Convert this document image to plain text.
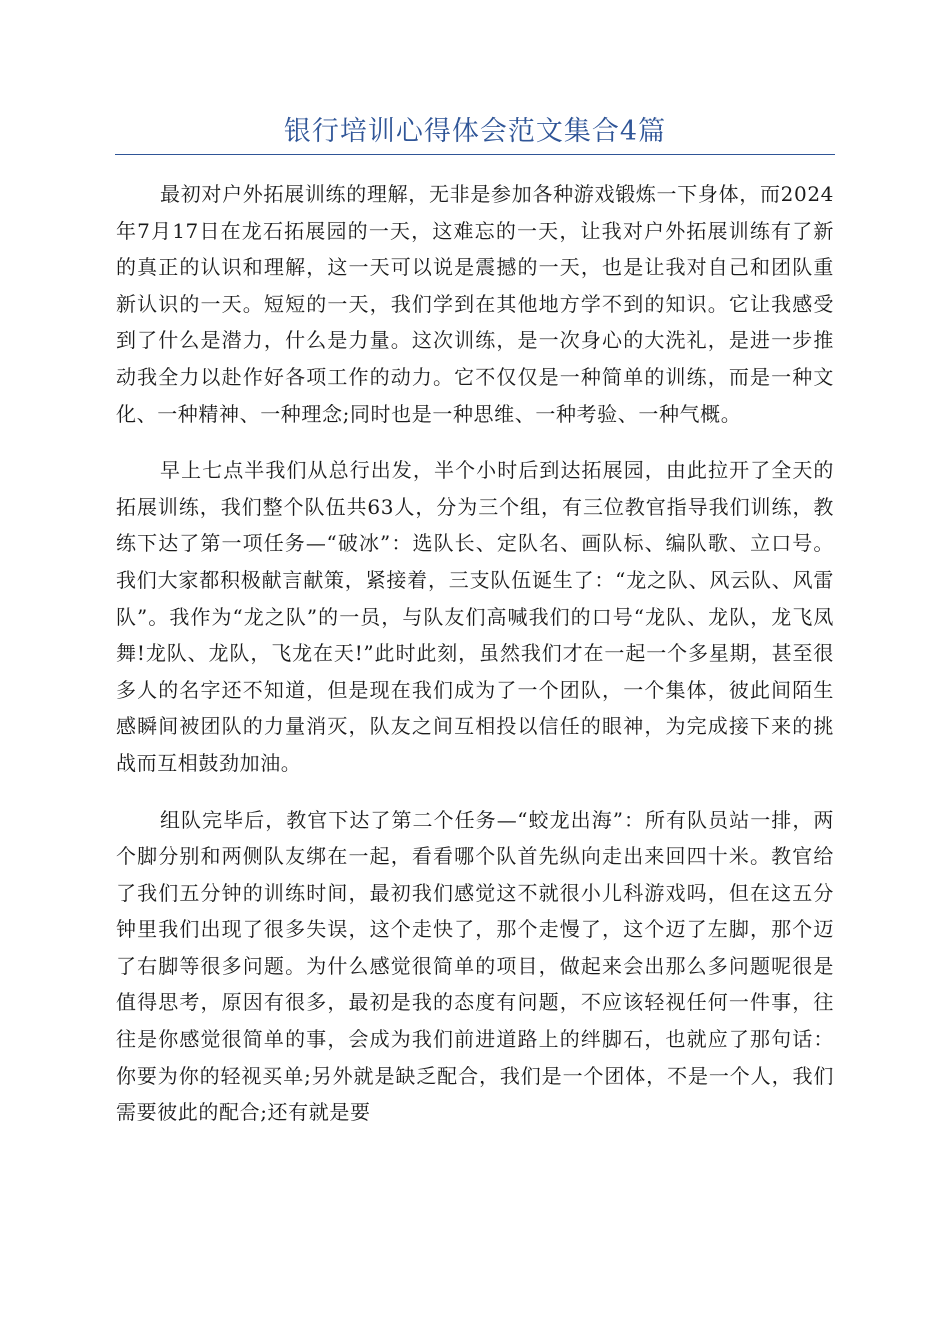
银行培训心得体会范文集合4篇

最初对户外拓展训练的理解，无非是参加各种游戏锻炼一下身体，而2024年7月17日在龙石拓展园的一天，这难忘的一天，让我对户外拓展训练有了新的真正的认识和理解，这一天可以说是震撼的一天，也是让我对自己和团队重新认识的一天。短短的一天，我们学到在其他地方学不到的知识。它让我感受到了什么是潜力，什么是力量。这次训练，是一次身心的大洗礼，是进一步推动我全力以赴作好各项工作的动力。它不仅仅是一种简单的训练，而是一种文化、一种精神、一种理念;同时也是一种思维、一种考验、一种气概。

早上七点半我们从总行出发，半个小时后到达拓展园，由此拉开了全天的拓展训练，我们整个队伍共63人，分为三个组，有三位教官指导我们训练，教练下达了第一项任务—“破冰”：选队长、定队名、画队标、编队歌、立口号。我们大家都积极献言献策，紧接着，三支队伍诞生了：“龙之队、风云队、风雷队”。我作为“龙之队”的一员，与队友们高喊我们的口号“龙队、龙队，龙飞凤舞!龙队、龙队，飞龙在天!”此时此刻，虽然我们才在一起一个多星期，甚至很多人的名字还不知道，但是现在我们成为了一个团队，一个集体，彼此间陌生感瞬间被团队的力量消灭，队友之间互相投以信任的眼神，为完成接下来的挑战而互相鼓劲加油。

组队完毕后，教官下达了第二个任务—“蛟龙出海”：所有队员站一排，两个脚分别和两侧队友绑在一起，看看哪个队首先纵向走出来回四十米。教官给了我们五分钟的训练时间，最初我们感觉这不就很小儿科游戏吗，但在这五分钟里我们出现了很多失误，这个走快了，那个走慢了，这个迈了左脚，那个迈了右脚等很多问题。为什么感觉很简单的项目，做起来会出那么多问题呢很是值得思考，原因有很多，最初是我的态度有问题，不应该轻视任何一件事，往往是你感觉很简单的事，会成为我们前进道路上的绊脚石，也就应了那句话：你要为你的轻视买单;另外就是缺乏配合，我们是一个团体，不是一个人，我们需要彼此的配合;还有就是要
